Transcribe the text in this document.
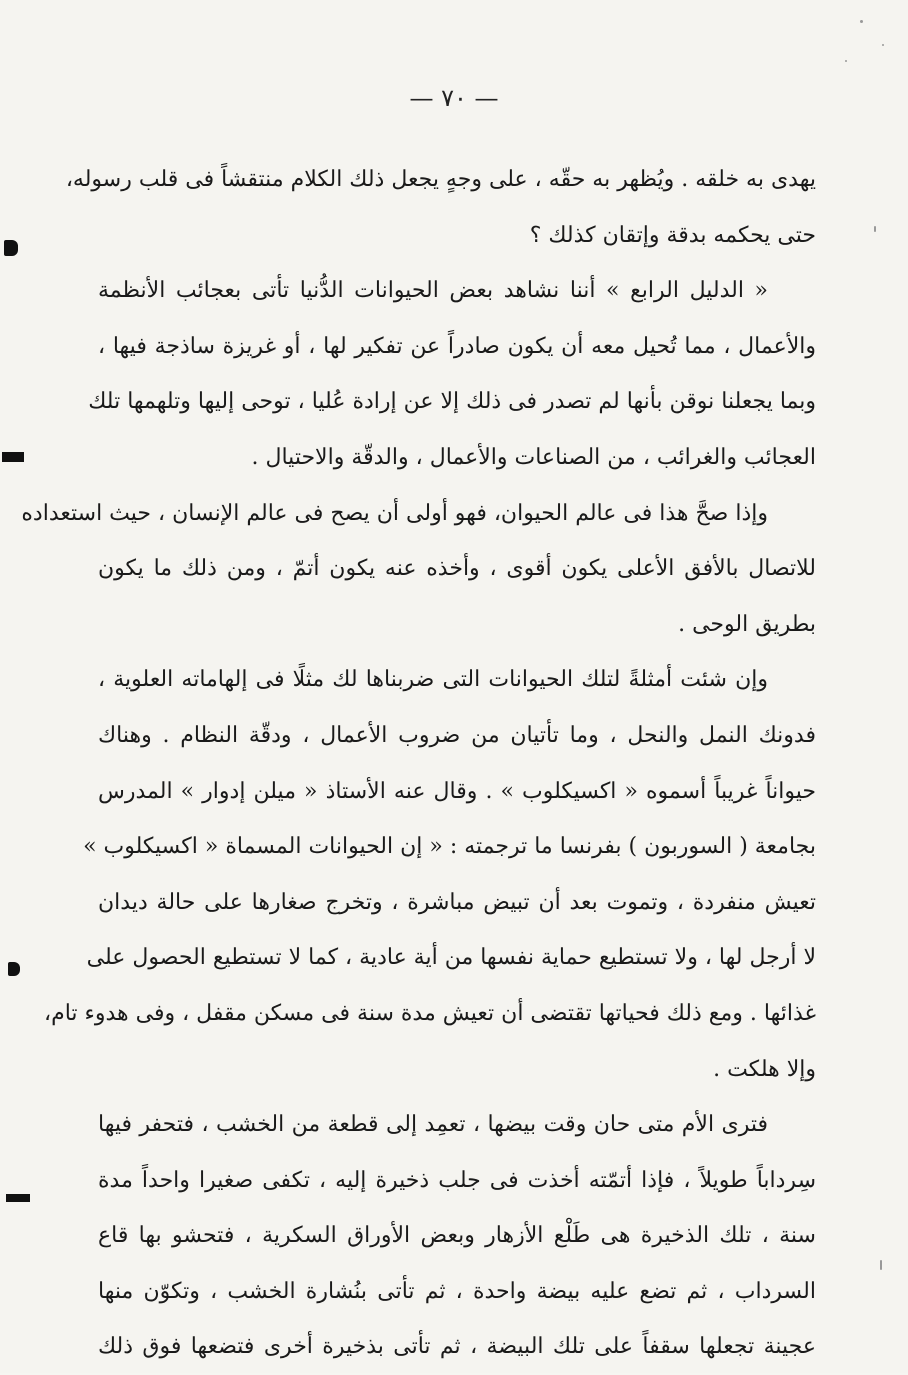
— ٧٠ —
يهدى به خلقه . ويُظهر به حقّه ، على وجهٍ يجعل ذلك الكلام منتقشاً فى قلب رسوله،
حتى يحكمه بدقة وإتقان كذلك ؟
« الدليل الرابع » أننا نشاهد بعض الحيوانات الدُّنيا تأتى بعجائب الأنظمة
والأعمال ، مما تُحيل معه أن يكون صادراً عن تفكير لها ، أو غريزة ساذجة فيها ،
وبما يجعلنا نوقن بأنها لم تصدر فى ذلك إلا عن إرادة عُليا ، توحى إليها وتلهمها تلك
العجائب والغرائب ، من الصناعات والأعمال ، والدقّة والاحتيال .
وإذا صحَّ هذا فى عالم الحيوان، فهو أولى أن يصح فى عالم الإنسان ، حيث استعداده
للاتصال بالأفق الأعلى يكون أقوى ، وأخذه عنه يكون أتمّ ، ومن ذلك ما يكون
بطريق الوحى .
وإن شئت أمثلةً لتلك الحيوانات التى ضربناها لك مثلًا فى إلهاماته العلوية ،
فدونك النمل والنحل ، وما تأتيان من ضروب الأعمال ، ودقّة النظام . وهناك
حيواناً غريباً أسموه « اكسيكلوب » . وقال عنه الأستاذ « ميلن إدوار » المدرس
بجامعة ( السوربون ) بفرنسا ما ترجمته : « إن الحيوانات المسماة « اكسيكلوب »
تعيش منفردة ، وتموت بعد أن تبيض مباشرة ، وتخرج صغارها على حالة ديدان
لا أرجل لها ، ولا تستطيع حماية نفسها من أية عادية ، كما لا تستطيع الحصول على
غذائها . ومع ذلك فحياتها تقتضى أن تعيش مدة سنة فى مسكن مقفل ، وفى هدوء تام،
وإلا هلكت .
فترى الأم متى حان وقت بيضها ، تعمِد إلى قطعة من الخشب ، فتحفر فيها
سِرداباً طويلاً ، فإذا أتمّته أخذت فى جلب ذخيرة إليه ، تكفى صغيرا واحداً مدة
سنة ، تلك الذخيرة هى طَلْع الأزهار وبعض الأوراق السكرية ، فتحشو بها قاع
السرداب ، ثم تضع عليه بيضة واحدة ، ثم تأتى بنُشارة الخشب ، وتكوّن منها
عجينة تجعلها سقفاً على تلك البيضة ، ثم تأتى بذخيرة أخرى فتضعها فوق ذلك
